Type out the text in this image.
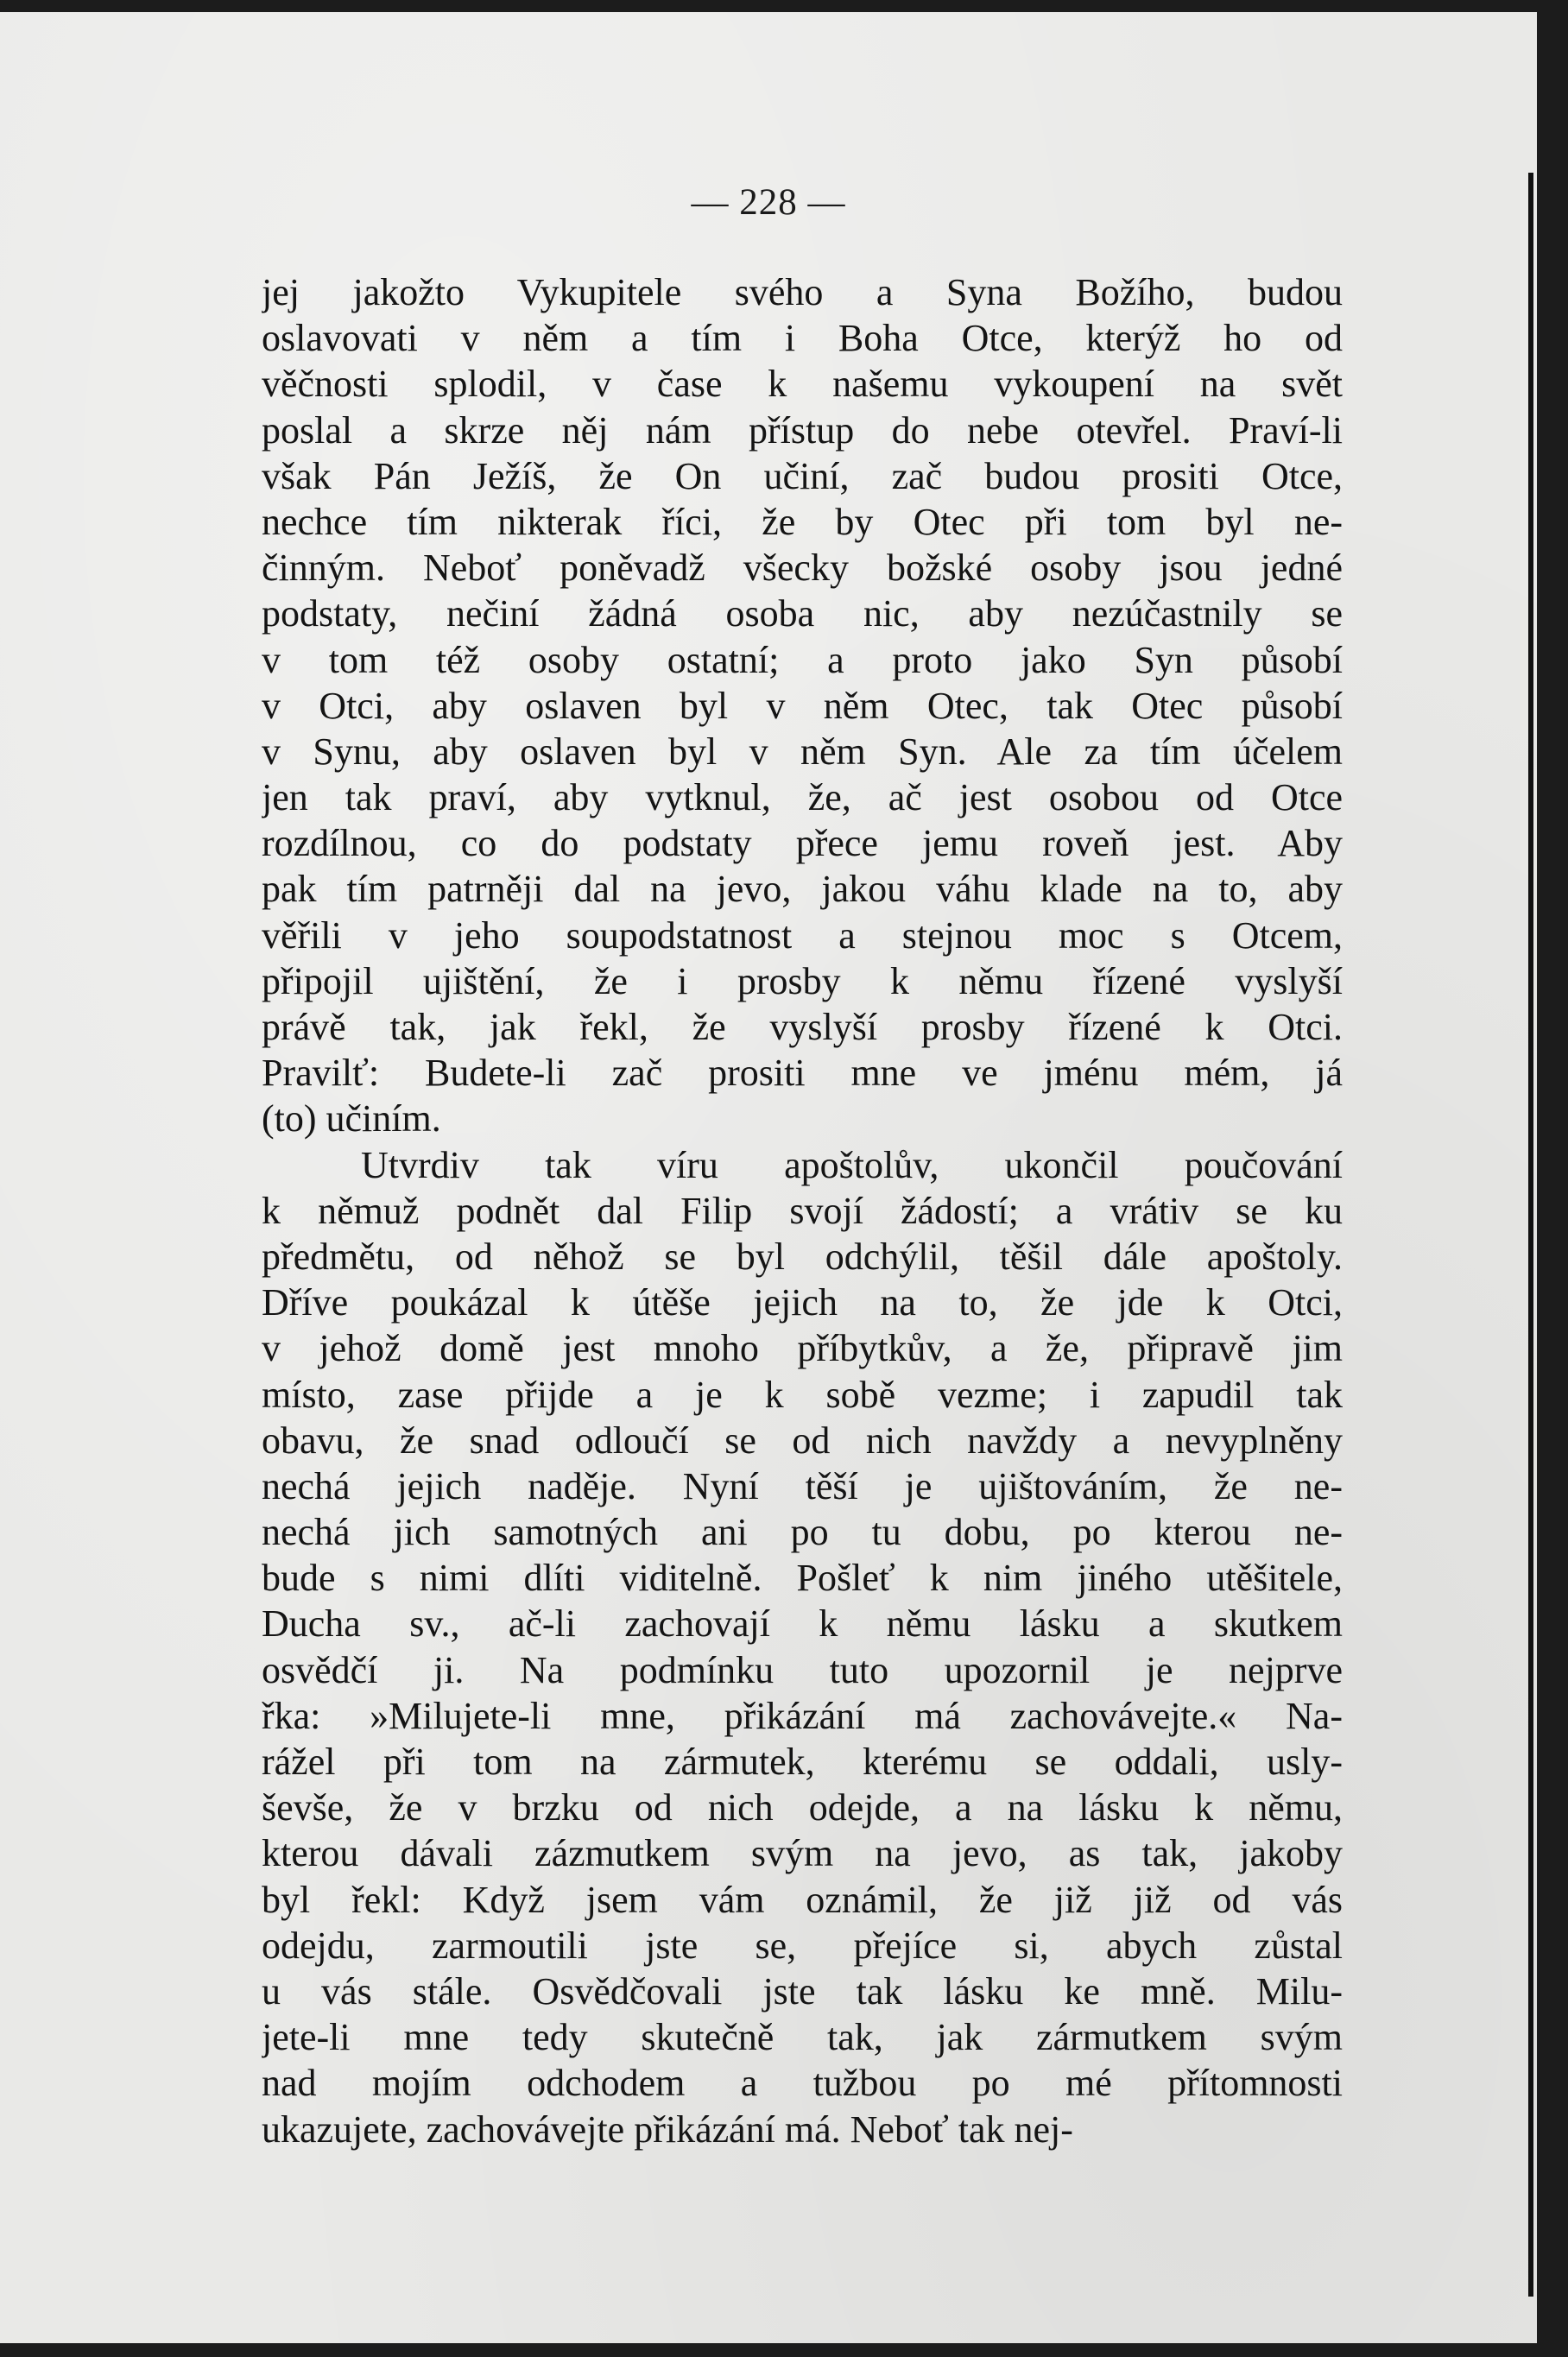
— 228 —
jej jakožto Vykupitele svého a Syna Božího, budou
oslavovati v něm a tím i Boha Otce, kterýž ho od
věčnosti splodil, v čase k našemu vykoupení na svět
poslal a skrze něj nám přístup do nebe otevřel. Praví-li
však Pán Ježíš, že On učiní, zač budou prositi Otce,
nechce tím nikterak říci, že by Otec při tom byl ne-
činným. Neboť poněvadž všecky božské osoby jsou jedné
podstaty, nečiní žádná osoba nic, aby nezúčastnily se
v tom též osoby ostatní; a proto jako Syn působí
v Otci, aby oslaven byl v něm Otec, tak Otec působí
v Synu, aby oslaven byl v něm Syn. Ale za tím účelem
jen tak praví, aby vytknul, že, ač jest osobou od Otce
rozdílnou, co do podstaty přece jemu roveň jest. Aby
pak tím patrněji dal na jevo, jakou váhu klade na to, aby
věřili v jeho soupodstatnost a stejnou moc s Otcem,
připojil ujištění, že i prosby k němu řízené vyslyší
právě tak, jak řekl, že vyslyší prosby řízené k Otci.
Pravilť: Budete-li zač prositi mne ve jménu mém, já
(to) učiním.
Utvrdiv tak víru apoštolův, ukončil poučování
k němuž podnět dal Filip svojí žádostí; a vrátiv se ku
předmětu, od něhož se byl odchýlil, těšil dále apoštoly.
Dříve poukázal k útěše jejich na to, že jde k Otci,
v jehož domě jest mnoho příbytkův, a že, připravě jim
místo, zase přijde a je k sobě vezme; i zapudil tak
obavu, že snad odloučí se od nich navždy a nevyplněny
nechá jejich naděje. Nyní těší je ujištováním, že ne-
nechá jich samotných ani po tu dobu, po kterou ne-
bude s nimi dlíti viditelně. Pošleť k nim jiného utěšitele,
Ducha sv., ač-li zachovají k němu lásku a skutkem
osvědčí ji. Na podmínku tuto upozornil je nejprve
řka: »Milujete-li mne, přikázání má zachovávejte.« Na-
rážel při tom na zármutek, kterému se oddali, usly-
ševše, že v brzku od nich odejde, a na lásku k němu,
kterou dávali zázmutkem svým na jevo, as tak, jakoby
byl řekl: Když jsem vám oznámil, že již již od vás
odejdu, zarmoutili jste se, přejíce si, abych zůstal
u vás stále. Osvědčovali jste tak lásku ke mně. Milu-
jete-li mne tedy skutečně tak, jak zármutkem svým
nad mojím odchodem a tužbou po mé přítomnosti
ukazujete, zachovávejte přikázání má. Neboť tak nej-
